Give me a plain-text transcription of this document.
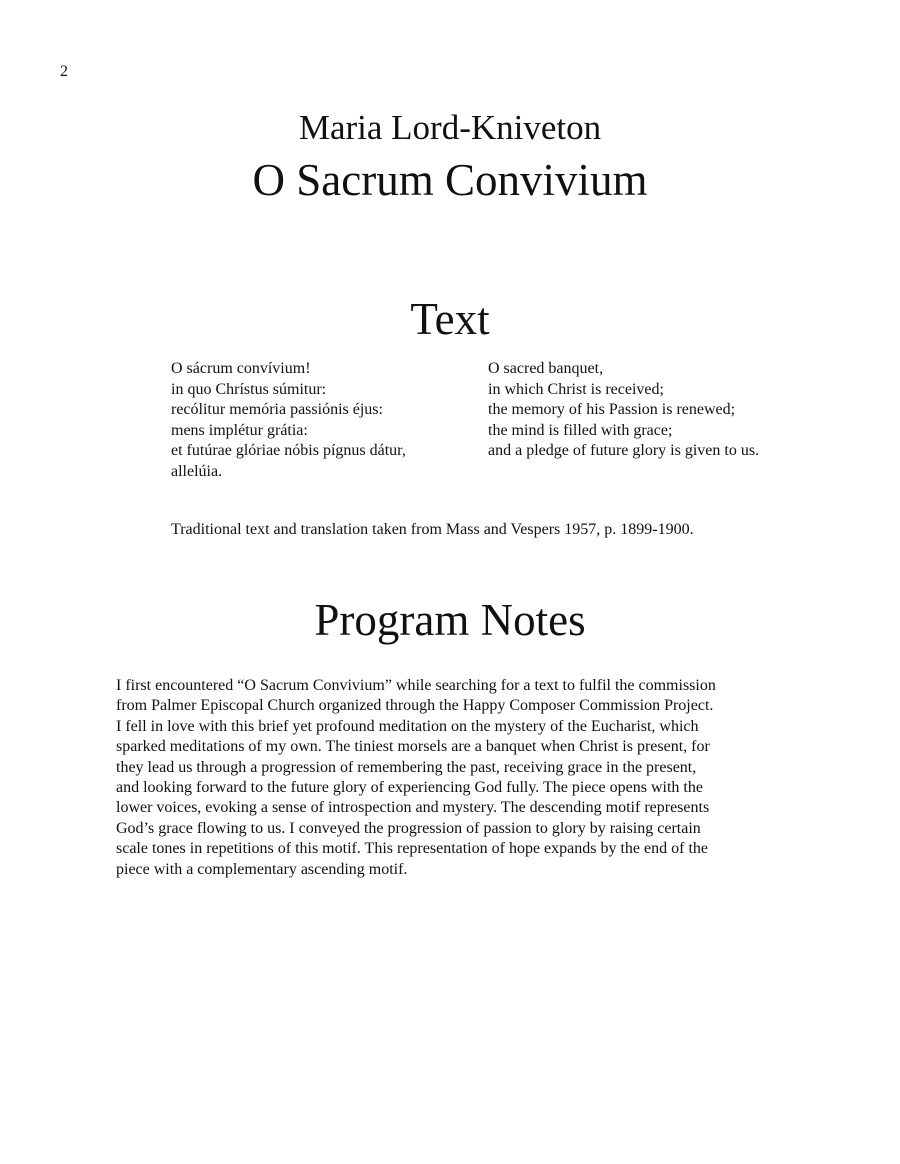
2
Maria Lord-Kniveton
O Sacrum Convivium
Text
O sácrum convívium!
in quo Chrístus súmitur:
recólitur memória passiónis éjus:
mens implétur grátia:
et futúrae glóriae nóbis pígnus dátur,
allelúia.
O sacred banquet,
in which Christ is received;
the memory of his Passion is renewed;
the mind is filled with grace;
and a pledge of future glory is given to us.
Traditional text and translation taken from Mass and Vespers 1957, p. 1899-1900.
Program Notes
I first encountered “O Sacrum Convivium” while searching for a text to fulfil the commission
from Palmer Episcopal Church organized through the Happy Composer Commission Project.
I fell in love with this brief yet profound meditation on the mystery of the Eucharist, which
sparked meditations of my own. The tiniest morsels are a banquet when Christ is present, for
they lead us through a progression of remembering the past, receiving grace in the present,
and looking forward to the future glory of experiencing God fully. The piece opens with the
lower voices, evoking a sense of introspection and mystery. The descending motif represents
God’s grace flowing to us. I conveyed the progression of passion to glory by raising certain
scale tones in repetitions of this motif. This representation of hope expands by the end of the
piece with a complementary ascending motif.
